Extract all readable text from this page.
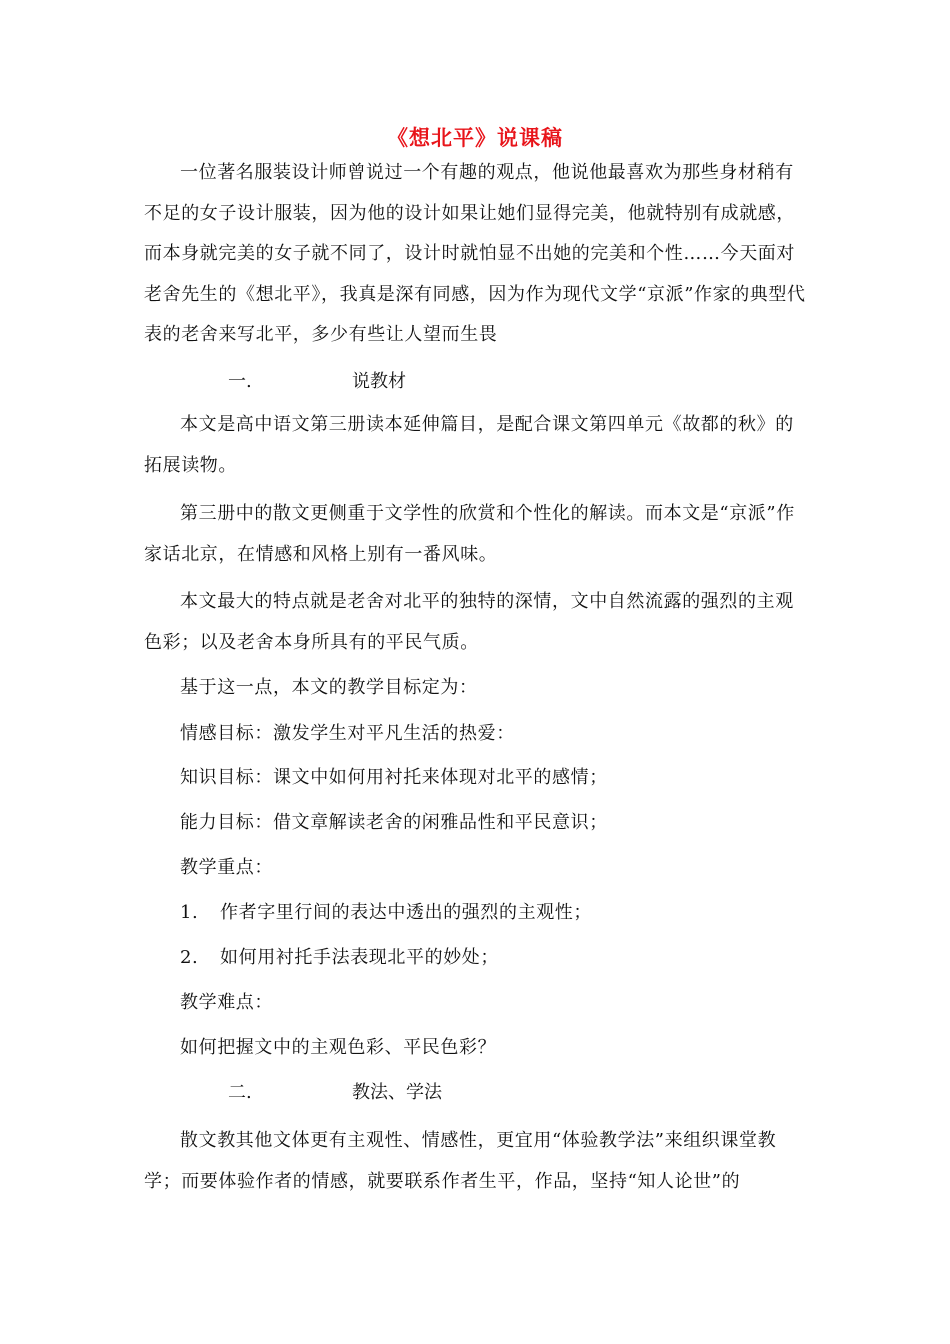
《想北平》说课稿
一位著名服装设计师曾说过一个有趣的观点，他说他最喜欢为那些身材稍有不足的女子设计服装，因为他的设计如果让她们显得完美，他就特别有成就感，而本身就完美的女子就不同了，设计时就怕显不出她的完美和个性……今天面对老舍先生的《想北平》，我真是深有同感，因为作为现代文学“京派”作家的典型代表的老舍来写北平，多少有些让人望而生畏
一.	说教材
本文是高中语文第三册读本延伸篇目，是配合课文第四单元《故都的秋》的拓展读物。
第三册中的散文更侧重于文学性的欣赏和个性化的解读。而本文是“京派”作家话北京，在情感和风格上别有一番风味。
本文最大的特点就是老舍对北平的独特的深情，文中自然流露的强烈的主观色彩；以及老舍本身所具有的平民气质。
基于这一点，本文的教学目标定为：
情感目标：激发学生对平凡生活的热爱：
知识目标：课文中如何用衬托来体现对北平的感情；
能力目标：借文章解读老舍的闲雅品性和平民意识；
教学重点：
1. 作者字里行间的表达中透出的强烈的主观性；
2. 如何用衬托手法表现北平的妙处；
教学难点：
如何把握文中的主观色彩、平民色彩？
二.	教法、学法
散文教其他文体更有主观性、情感性，更宜用“体验教学法”来组织课堂教学；而要体验作者的情感，就要联系作者生平，作品，坚持“知人论世”的
